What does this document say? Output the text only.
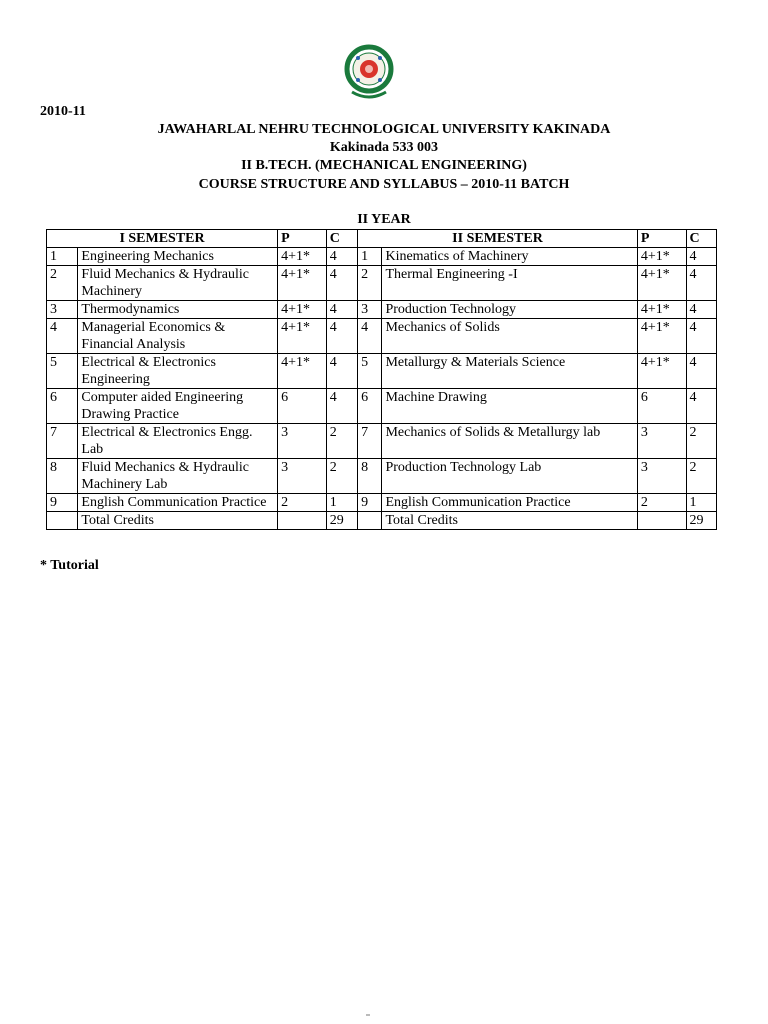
2010-11
JAWAHARLAL NEHRU TECHNOLOGICAL UNIVERSITY KAKINADA
Kakinada 533 003
II B.TECH. (MECHANICAL ENGINEERING)
COURSE STRUCTURE AND SYLLABUS – 2010-11 BATCH
II YEAR
I SEMESTER		P	C	II SEMESTER		P	C
1	Engineering Mechanics	4+1*	4	1	Kinematics of Machinery	4+1*	4
2	Fluid Mechanics & Hydraulic Machinery	4+1*	4	2	Thermal Engineering -I	4+1*	4
3	Thermodynamics	4+1*	4	3	Production Technology	4+1*	4
4	Managerial Economics & Financial Analysis	4+1*	4	4	Mechanics of Solids	4+1*	4
5	Electrical & Electronics Engineering	4+1*	4	5	Metallurgy & Materials Science	4+1*	4
6	Computer aided Engineering Drawing Practice	6	4	6	Machine Drawing	6	4
7	Electrical & Electronics Engg. Lab	3	2	7	Mechanics of Solids & Metallurgy lab	3	2
8	Fluid Mechanics & Hydraulic Machinery Lab	3	2	8	Production Technology Lab	3	2
9	English Communication Practice	2	1	9	English Communication Practice	2	1
	Total Credits		29		Total Credits		29
* Tutorial
